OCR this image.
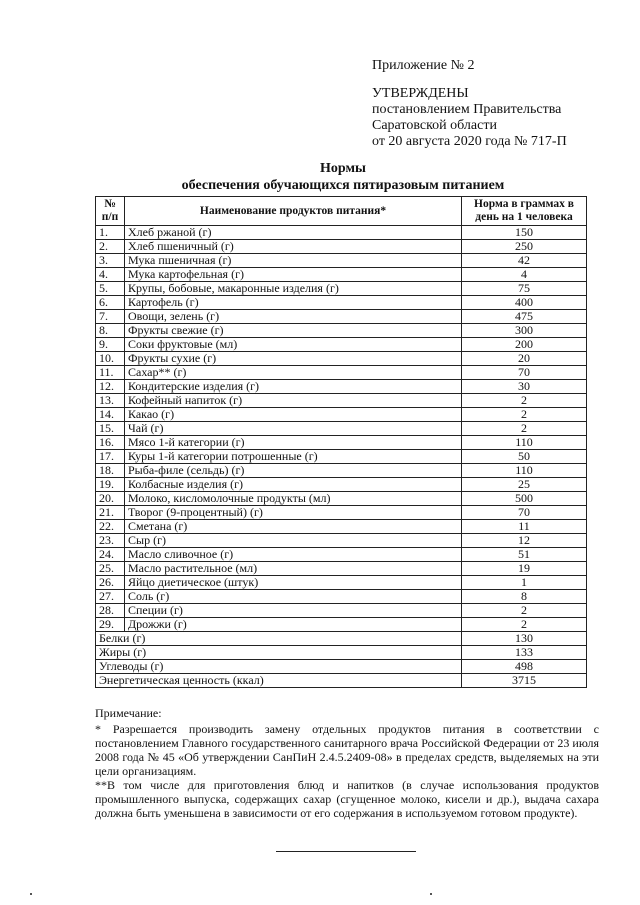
Приложение № 2
УТВЕРЖДЕНЫ
постановлением Правительства
Саратовской области
от 20 августа 2020 года № 717-П
Нормы
обеспечения обучающихся пятиразовым питанием
№ п/п	Наименование продуктов питания*	Норма в граммах в день на 1 человека
1.	Хлеб ржаной (г)	150
2.	Хлеб пшеничный (г)	250
3.	Мука пшеничная (г)	42
4.	Мука картофельная (г)	4
5.	Крупы, бобовые, макаронные изделия (г)	75
6.	Картофель (г)	400
7.	Овощи, зелень (г)	475
8.	Фрукты свежие (г)	300
9.	Соки фруктовые (мл)	200
10.	Фрукты сухие (г)	20
11.	Сахар** (г)	70
12.	Кондитерские изделия (г)	30
13.	Кофейный напиток (г)	2
14.	Какао (г)	2
15.	Чай (г)	2
16.	Мясо 1-й категории (г)	110
17.	Куры 1-й категории потрошенные (г)	50
18.	Рыба-филе (сельдь) (г)	110
19.	Колбасные изделия (г)	25
20.	Молоко, кисломолочные продукты (мл)	500
21.	Творог (9-процентный) (г)	70
22.	Сметана (г)	11
23.	Сыр (г)	12
24.	Масло сливочное (г)	51
25.	Масло растительное (мл)	19
26.	Яйцо диетическое (штук)	1
27.	Соль (г)	8
28.	Специи (г)	2
29.	Дрожжи (г)	2
Белки (г)		130
Жиры (г)		133
Углеводы (г)		498
Энергетическая ценность (ккал)		3715

Примечание:

* Разрешается производить замену отдельных продуктов питания в соответствии с постановлением Главного государственного санитарного врача Российской Федерации от 23 июля 2008 года № 45 «Об утверждении СанПиН 2.4.5.2409-08» в пределах средств, выделяемых на эти цели организациям.

**В том числе для приготовления блюд и напитков (в случае использования продуктов промышленного выпуска, содержащих сахар (сгущенное молоко, кисели и др.), выдача сахара должна быть уменьшена в зависимости от его содержания в используемом готовом продукте).
